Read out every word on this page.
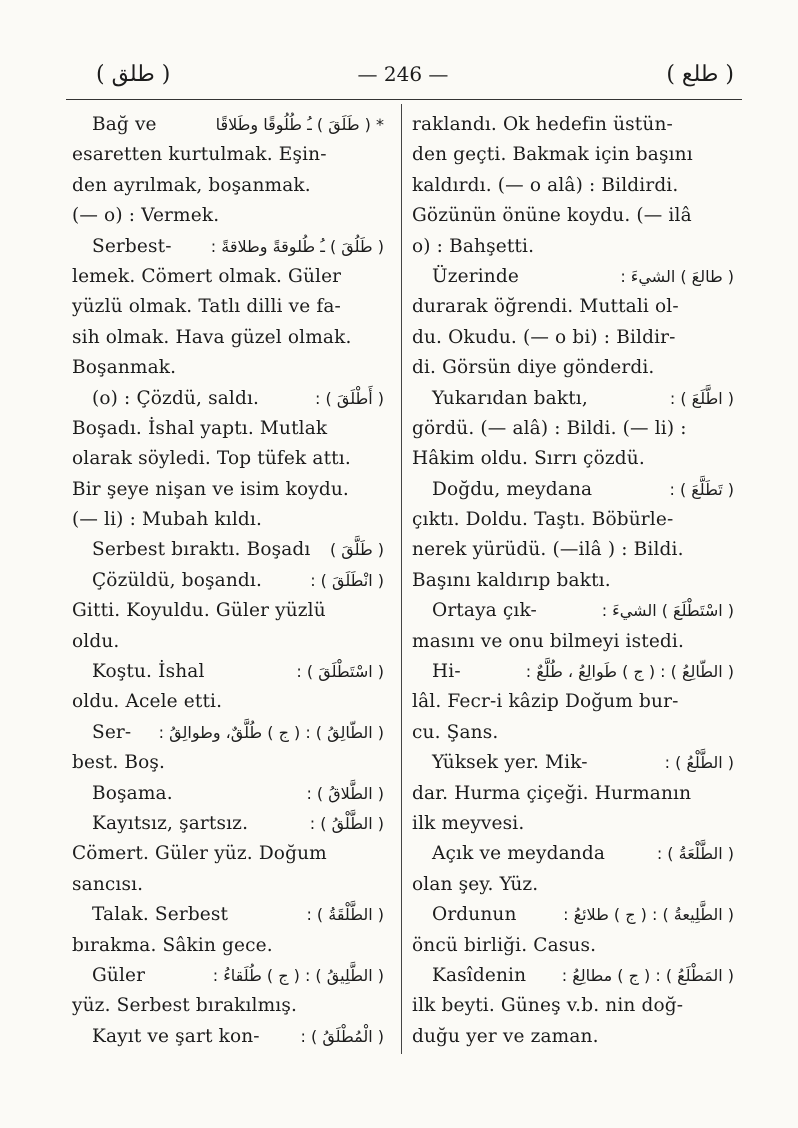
( طلق )	— 246 —	( طلع )
Bağ ve	* ( طَلَقَ ) ـُ طُلُوقًا وطَلاقًا
esaretten kurtulmak. Eşin-
den ayrılmak, boşanmak.
(— o) : Vermek.
Serbest- ( طَلُقَ ) ـُ طُلوقةً وطلاقةً :
lemek. Cömert olmak. Güler
yüzlü olmak. Tatlı dilli ve fa-
sih olmak. Hava güzel olmak.
Boşanmak.
(o) : Çözdü, saldı.	( أَطْلَقَ ) :
Boşadı. İshal yaptı. Mutlak
olarak söyledi. Top tüfek attı.
Bir şeye nişan ve isim koydu.
(— li) : Mubah kıldı.
Serbest bıraktı. Boşadı ( طَلَّقَ )
Çözüldü, boşandı.	( انْطَلَقَ ) :
Gitti. Koyuldu. Güler yüzlü
oldu.
Koştu. İshal	( اسْتَطْلَقَ ) :
oldu. Acele etti.
Ser- ( الطّالِقُ ) : ( ج ) طُلَّقٌ، وطوالِقُ :
best. Boş.
Boşama.	( الطَّلاقُ ) :
Kayıtsız, şartsız.	( الطَّلْقُ ) :
Cömert. Güler yüz. Doğum
sancısı.
Talak. Serbest	( الطَّلْقَةُ ) :
bırakma. Sâkin gece.
Güler	( الطَّلِيقُ ) : ( ج ) طُلَقاءُ :
yüz. Serbest bırakılmış.
Kayıt ve şart kon-	( الْمُطْلَقُ ) :
raklandı. Ok hedefin üstün-
den geçti. Bakmak için başını
kaldırdı. (— o alâ) : Bildirdi.
Gözünün önüne koydu. (— ilâ
o) : Bahşetti.
Üzerinde	( طالعَ ) الشيءَ :
durarak öğrendi. Muttali ol-
du. Okudu. (— o bi) : Bildir-
di. Görsün diye gönderdi.
Yukarıdan baktı,	( اطَّلَعَ ) :
gördü. (— alâ) : Bildi. (— li) :
Hâkim oldu. Sırrı çözdü.
Doğdu, meydana	( تَطَلَّعَ ) :
çıktı. Doldu. Taştı. Böbürle-
nerek yürüdü. (—ilâ ) : Bildi.
Başını kaldırıp baktı.
Ortaya çık-	( اسْتَطْلَعَ ) الشيءَ :
masını ve onu bilmeyi istedi.
Hi-	( الطّالِعُ ) : ( ج ) طَوالِعُ ، طُلَّعٌ :
lâl. Fecr-i kâzip Doğum bur-
cu. Şans.
Yüksek yer. Mik-	( الطَّلْعُ ) :
dar. Hurma çiçeği. Hurmanın
ilk meyvesi.
Açık ve meydanda	( الطَّلْعَةُ ) :
olan şey. Yüz.
Ordunun	( الطَّلِيعةُ ) : ( ج ) طلائعُ :
öncü birliği. Casus.
Kasîdenin ( المَطْلَعُ ) : ( ج ) مطالِعُ :
ilk beyti. Güneş v.b. nin doğ-
duğu yer ve zaman.
